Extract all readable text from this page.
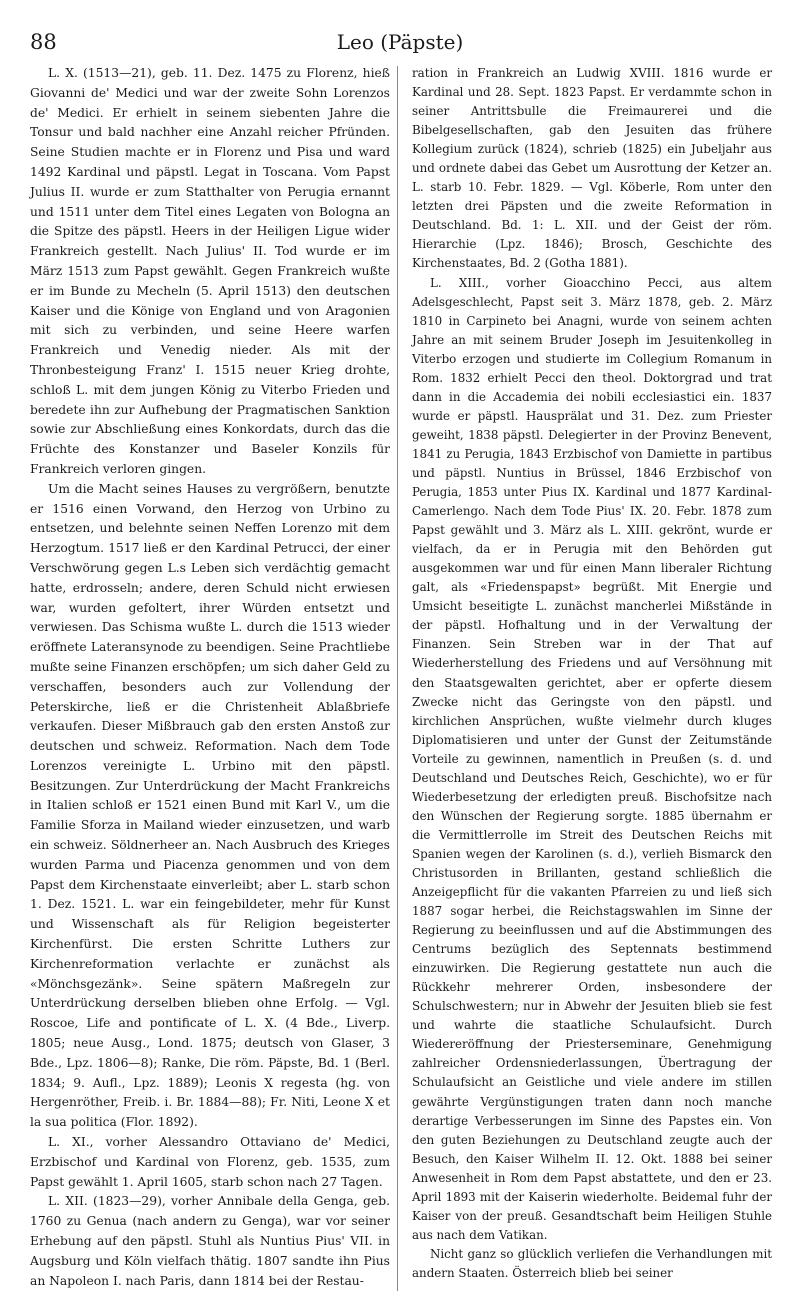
88	Leo (Päpste)

L. X. (1513—21), geb. 11. Dez. 1475 zu Florenz, hieß Giovanni de' Medici und war der zweite Sohn Lorenzos de' Medici. Er erhielt in seinem siebenten Jahre die Tonsur und bald nachher eine Anzahl reicher Pfründen. Seine Studien machte er in Florenz und Pisa und ward 1492 Kardinal und päpstl. Legat in Toscana. Vom Papst Julius II. wurde er zum Statthalter von Perugia ernannt und 1511 unter dem Titel eines Legaten von Bologna an die Spitze des päpstl. Heers in der Heiligen Ligue wider Frankreich gestellt. Nach Julius' II. Tod wurde er im März 1513 zum Papst gewählt. Gegen Frankreich wußte er im Bunde zu Mecheln (5. April 1513) den deutschen Kaiser und die Könige von England und von Aragonien mit sich zu verbinden, und seine Heere warfen Frankreich und Venedig nieder. Als mit der Thronbesteigung Franz' I. 1515 neuer Krieg drohte, schloß L. mit dem jungen König zu Viterbo Frieden und beredete ihn zur Aufhebung der Pragmatischen Sanktion sowie zur Abschließung eines Konkordats, durch das die Früchte des Konstanzer und Baseler Konzils für Frankreich verloren gingen.

Um die Macht seines Hauses zu vergrößern, benutzte er 1516 einen Vorwand, den Herzog von Urbino zu entsetzen, und belehnte seinen Neffen Lorenzo mit dem Herzogtum. 1517 ließ er den Kardinal Petrucci, der einer Verschwörung gegen L.s Leben sich verdächtig gemacht hatte, erdrosseln; andere, deren Schuld nicht erwiesen war, wurden gefoltert, ihrer Würden entsetzt und verwiesen. Das Schisma wußte L. durch die 1513 wieder eröffnete Lateransynode zu beendigen. Seine Prachtliebe mußte seine Finanzen erschöpfen; um sich daher Geld zu verschaffen, besonders auch zur Vollendung der Peterskirche, ließ er die Christenheit Ablaßbriefe verkaufen. Dieser Mißbrauch gab den ersten Anstoß zur deutschen und schweiz. Reformation. Nach dem Tode Lorenzos vereinigte L. Urbino mit den päpstl. Besitzungen. Zur Unterdrückung der Macht Frankreichs in Italien schloß er 1521 einen Bund mit Karl V., um die Familie Sforza in Mailand wieder einzusetzen, und warb ein schweiz. Söldnerheer an. Nach Ausbruch des Krieges wurden Parma und Piacenza genommen und von dem Papst dem Kirchenstaate einverleibt; aber L. starb schon 1. Dez. 1521. L. war ein feingebildeter, mehr für Kunst und Wissenschaft als für Religion begeisterter Kirchenfürst. Die ersten Schritte Luthers zur Kirchenreformation verlachte er zunächst als «Mönchsgezänk». Seine spätern Maßregeln zur Unterdrückung derselben blieben ohne Erfolg. — Vgl. Roscoe, Life and pontificate of L. X. (4 Bde., Liverp. 1805; neue Ausg., Lond. 1875; deutsch von Glaser, 3 Bde., Lpz. 1806—8); Ranke, Die röm. Päpste, Bd. 1 (Berl. 1834; 9. Aufl., Lpz. 1889); Leonis X regesta (hg. von Hergenröther, Freib. i. Br. 1884—88); Fr. Niti, Leone X et la sua politica (Flor. 1892).

L. XI., vorher Alessandro Ottaviano de' Medici, Erzbischof und Kardinal von Florenz, geb. 1535, zum Papst gewählt 1. April 1605, starb schon nach 27 Tagen.

L. XII. (1823—29), vorher Annibale della Genga, geb. 1760 zu Genua (nach andern zu Genga), war vor seiner Erhebung auf den päpstl. Stuhl als Nuntius Pius' VII. in Augsburg und Köln vielfach thätig. 1807 sandte ihn Pius an Napoleon I. nach Paris, dann 1814 bei der Restau-

ration in Frankreich an Ludwig XVIII. 1816 wurde er Kardinal und 28. Sept. 1823 Papst. Er verdammte schon in seiner Antrittsbulle die Freimaurerei und die Bibelgesellschaften, gab den Jesuiten das frühere Kollegium zurück (1824), schrieb (1825) ein Jubeljahr aus und ordnete dabei das Gebet um Ausrottung der Ketzer an. L. starb 10. Febr. 1829. — Vgl. Köberle, Rom unter den letzten drei Päpsten und die zweite Reformation in Deutschland. Bd. 1: L. XII. und der Geist der röm. Hierarchie (Lpz. 1846); Brosch, Geschichte des Kirchenstaates, Bd. 2 (Gotha 1881).

L. XIII., vorher Gioacchino Pecci, aus altem Adelsgeschlecht, Papst seit 3. März 1878, geb. 2. März 1810 in Carpineto bei Anagni, wurde von seinem achten Jahre an mit seinem Bruder Joseph im Jesuitenkolleg in Viterbo erzogen und studierte im Collegium Romanum in Rom. 1832 erhielt Pecci den theol. Doktorgrad und trat dann in die Accademia dei nobili ecclesiastici ein. 1837 wurde er päpstl. Hausprälat und 31. Dez. zum Priester geweiht, 1838 päpstl. Delegierter in der Provinz Benevent, 1841 zu Perugia, 1843 Erzbischof von Damiette in partibus und päpstl. Nuntius in Brüssel, 1846 Erzbischof von Perugia, 1853 unter Pius IX. Kardinal und 1877 Kardinal-Camerlengo. Nach dem Tode Pius' IX. 20. Febr. 1878 zum Papst gewählt und 3. März als L. XIII. gekrönt, wurde er vielfach, da er in Perugia mit den Behörden gut ausgekommen war und für einen Mann liberaler Richtung galt, als «Friedenspapst» begrüßt. Mit Energie und Umsicht beseitigte L. zunächst mancherlei Mißstände in der päpstl. Hofhaltung und in der Verwaltung der Finanzen. Sein Streben war in der That auf Wiederherstellung des Friedens und auf Versöhnung mit den Staatsgewalten gerichtet, aber er opferte diesem Zwecke nicht das Geringste von den päpstl. und kirchlichen Ansprüchen, wußte vielmehr durch kluges Diplomatisieren und unter der Gunst der Zeitumstände Vorteile zu gewinnen, namentlich in Preußen (s. d. und Deutschland und Deutsches Reich, Geschichte), wo er für Wiederbesetzung der erledigten preuß. Bischofsitze nach den Wünschen der Regierung sorgte. 1885 übernahm er die Vermittlerrolle im Streit des Deutschen Reichs mit Spanien wegen der Karolinen (s. d.), verlieh Bismarck den Christusorden in Brillanten, gestand schließlich die Anzeigepflicht für die vakanten Pfarreien zu und ließ sich 1887 sogar herbei, die Reichstagswahlen im Sinne der Regierung zu beeinflussen und auf die Abstimmungen des Centrums bezüglich des Septennats bestimmend einzuwirken. Die Regierung gestattete nun auch die Rückkehr mehrerer Orden, insbesondere der Schulschwestern; nur in Abwehr der Jesuiten blieb sie fest und wahrte die staatliche Schulaufsicht. Durch Wiedereröffnung der Priesterseminare, Genehmigung zahlreicher Ordensniederlassungen, Übertragung der Schulaufsicht an Geistliche und viele andere im stillen gewährte Vergünstigungen traten dann noch manche derartige Verbesserungen im Sinne des Papstes ein. Von den guten Beziehungen zu Deutschland zeugte auch der Besuch, den Kaiser Wilhelm II. 12. Okt. 1888 bei seiner Anwesenheit in Rom dem Papst abstattete, und den er 23. April 1893 mit der Kaiserin wiederholte. Beidemal fuhr der Kaiser von der preuß. Gesandtschaft beim Heiligen Stuhle aus nach dem Vatikan.

Nicht ganz so glücklich verliefen die Verhandlungen mit andern Staaten. Österreich blieb bei seiner
